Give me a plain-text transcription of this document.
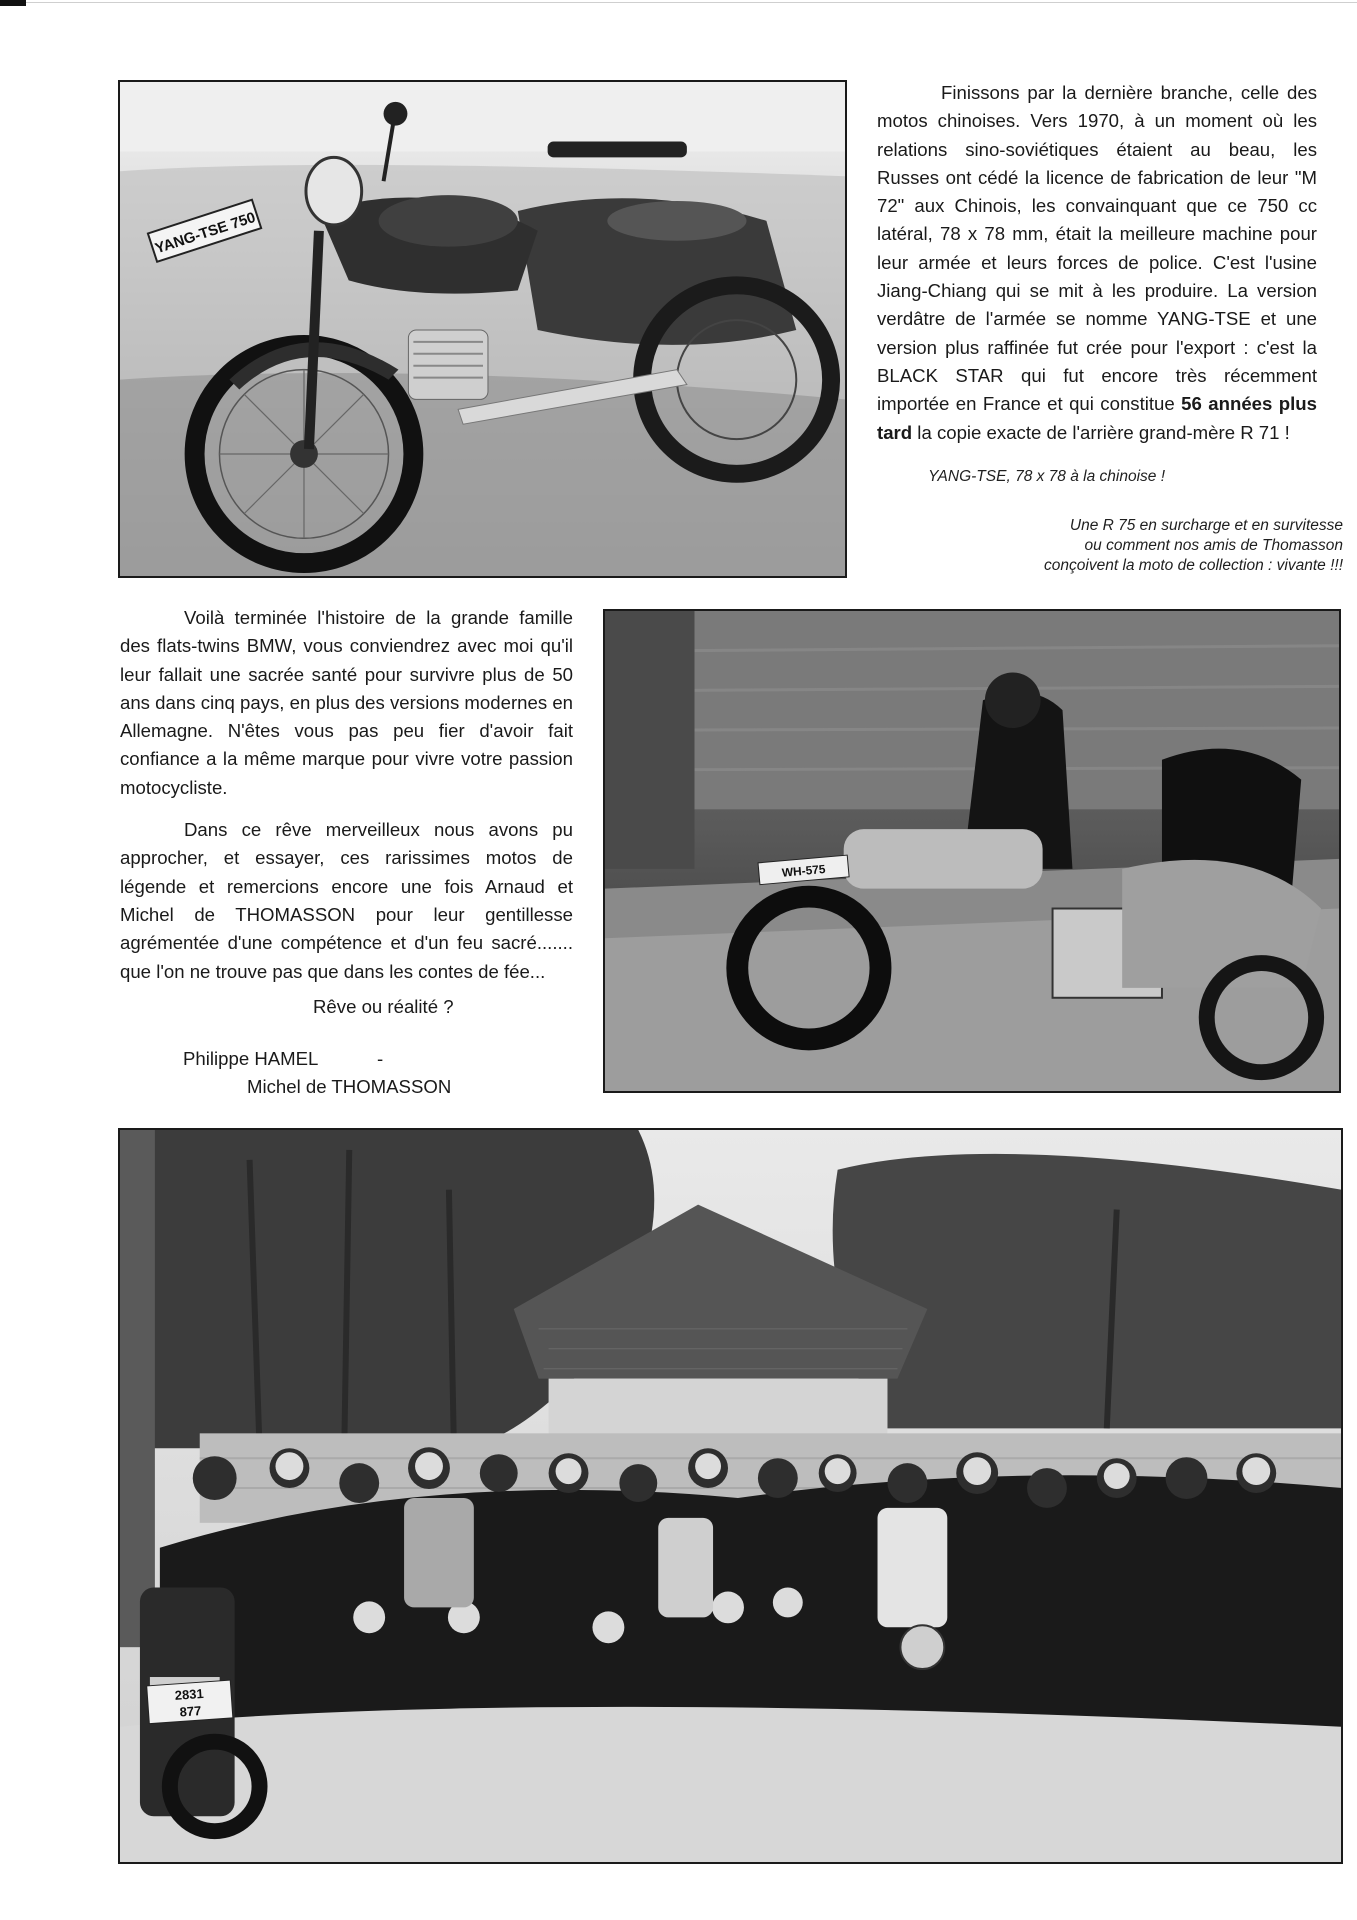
YANG-TSE 750

Finissons par la dernière branche, celle des motos chinoises. Vers 1970, à un moment où les relations sino-soviétiques étaient au beau, les Russes ont cédé la licence de fabrication de leur "M 72" aux Chinois, les convainquant que ce 750 cc latéral, 78 x 78 mm, était la meilleure machine pour leur armée et leurs forces de police. C'est l'usine Jiang-Chiang qui se mit à les produire. La version verdâtre de l'armée se nomme YANG-TSE et une version plus raffinée fut crée pour l'export : c'est la BLACK STAR qui fut encore très récemment importée en France et qui constitue 56 années plus tard la copie exacte de l'arrière grand-mère R 71 !

YANG-TSE, 78 x 78 à la chinoise !
Une R 75 en surcharge et en survitesse
ou comment nos amis de Thomasson
conçoivent la moto de collection : vivante !!!

Voilà terminée l'histoire de la grande famille des flats-twins BMW, vous conviendrez avec moi qu'il leur fallait une sacrée santé pour survivre plus de 50 ans dans cinq pays, en plus des versions modernes en Allemagne. N'êtes vous pas peu fier d'avoir fait confiance a la même marque pour vivre votre passion motocycliste.

Dans ce rêve merveilleux nous avons pu approcher, et essayer, ces rarissimes motos de légende et remercions encore une fois Arnaud et Michel de THOMASSON pour leur gentillesse agrémentée d'une compétence et d'un feu sacré....... que l'on ne trouve pas que dans les contes de fée...

Rêve ou réalité ?
Philippe HAMEL	-
Michel de THOMASSON
WH-575
2831
877
